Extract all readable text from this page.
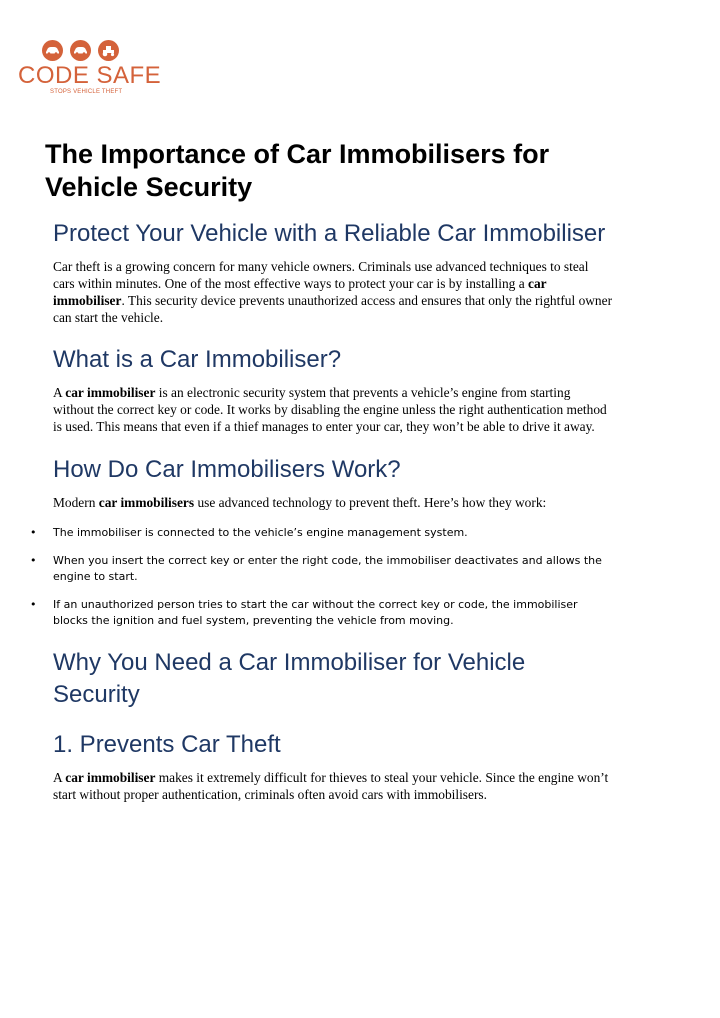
CODE SAFE
STOPS VEHICLE THEFT
The Importance of Car Immobilisers for Vehicle Security
Protect Your Vehicle with a Reliable Car Immobiliser

Car theft is a growing concern for many vehicle owners. Criminals use advanced techniques to steal cars within minutes. One of the most effective ways to protect your car is by installing a car immobiliser. This security device prevents unauthorized access and ensures that only the rightful owner can start the vehicle.

What is a Car Immobiliser?

A car immobiliser is an electronic security system that prevents a vehicle’s engine from starting without the correct key or code. It works by disabling the engine unless the right authentication method is used. This means that even if a thief manages to enter your car, they won’t be able to drive it away.

How Do Car Immobilisers Work?

Modern car immobilisers use advanced technology to prevent theft. Here’s how they work:

• The immobiliser is connected to the vehicle’s engine management system.
• When you insert the correct key or enter the right code, the immobiliser deactivates and allows the engine to start.
• If an unauthorized person tries to start the car without the correct key or code, the immobiliser blocks the ignition and fuel system, preventing the vehicle from moving.
Why You Need a Car Immobiliser for Vehicle Security
1. Prevents Car Theft

A car immobiliser makes it extremely difficult for thieves to steal your vehicle. Since the engine won’t start without proper authentication, criminals often avoid cars with immobilisers.
